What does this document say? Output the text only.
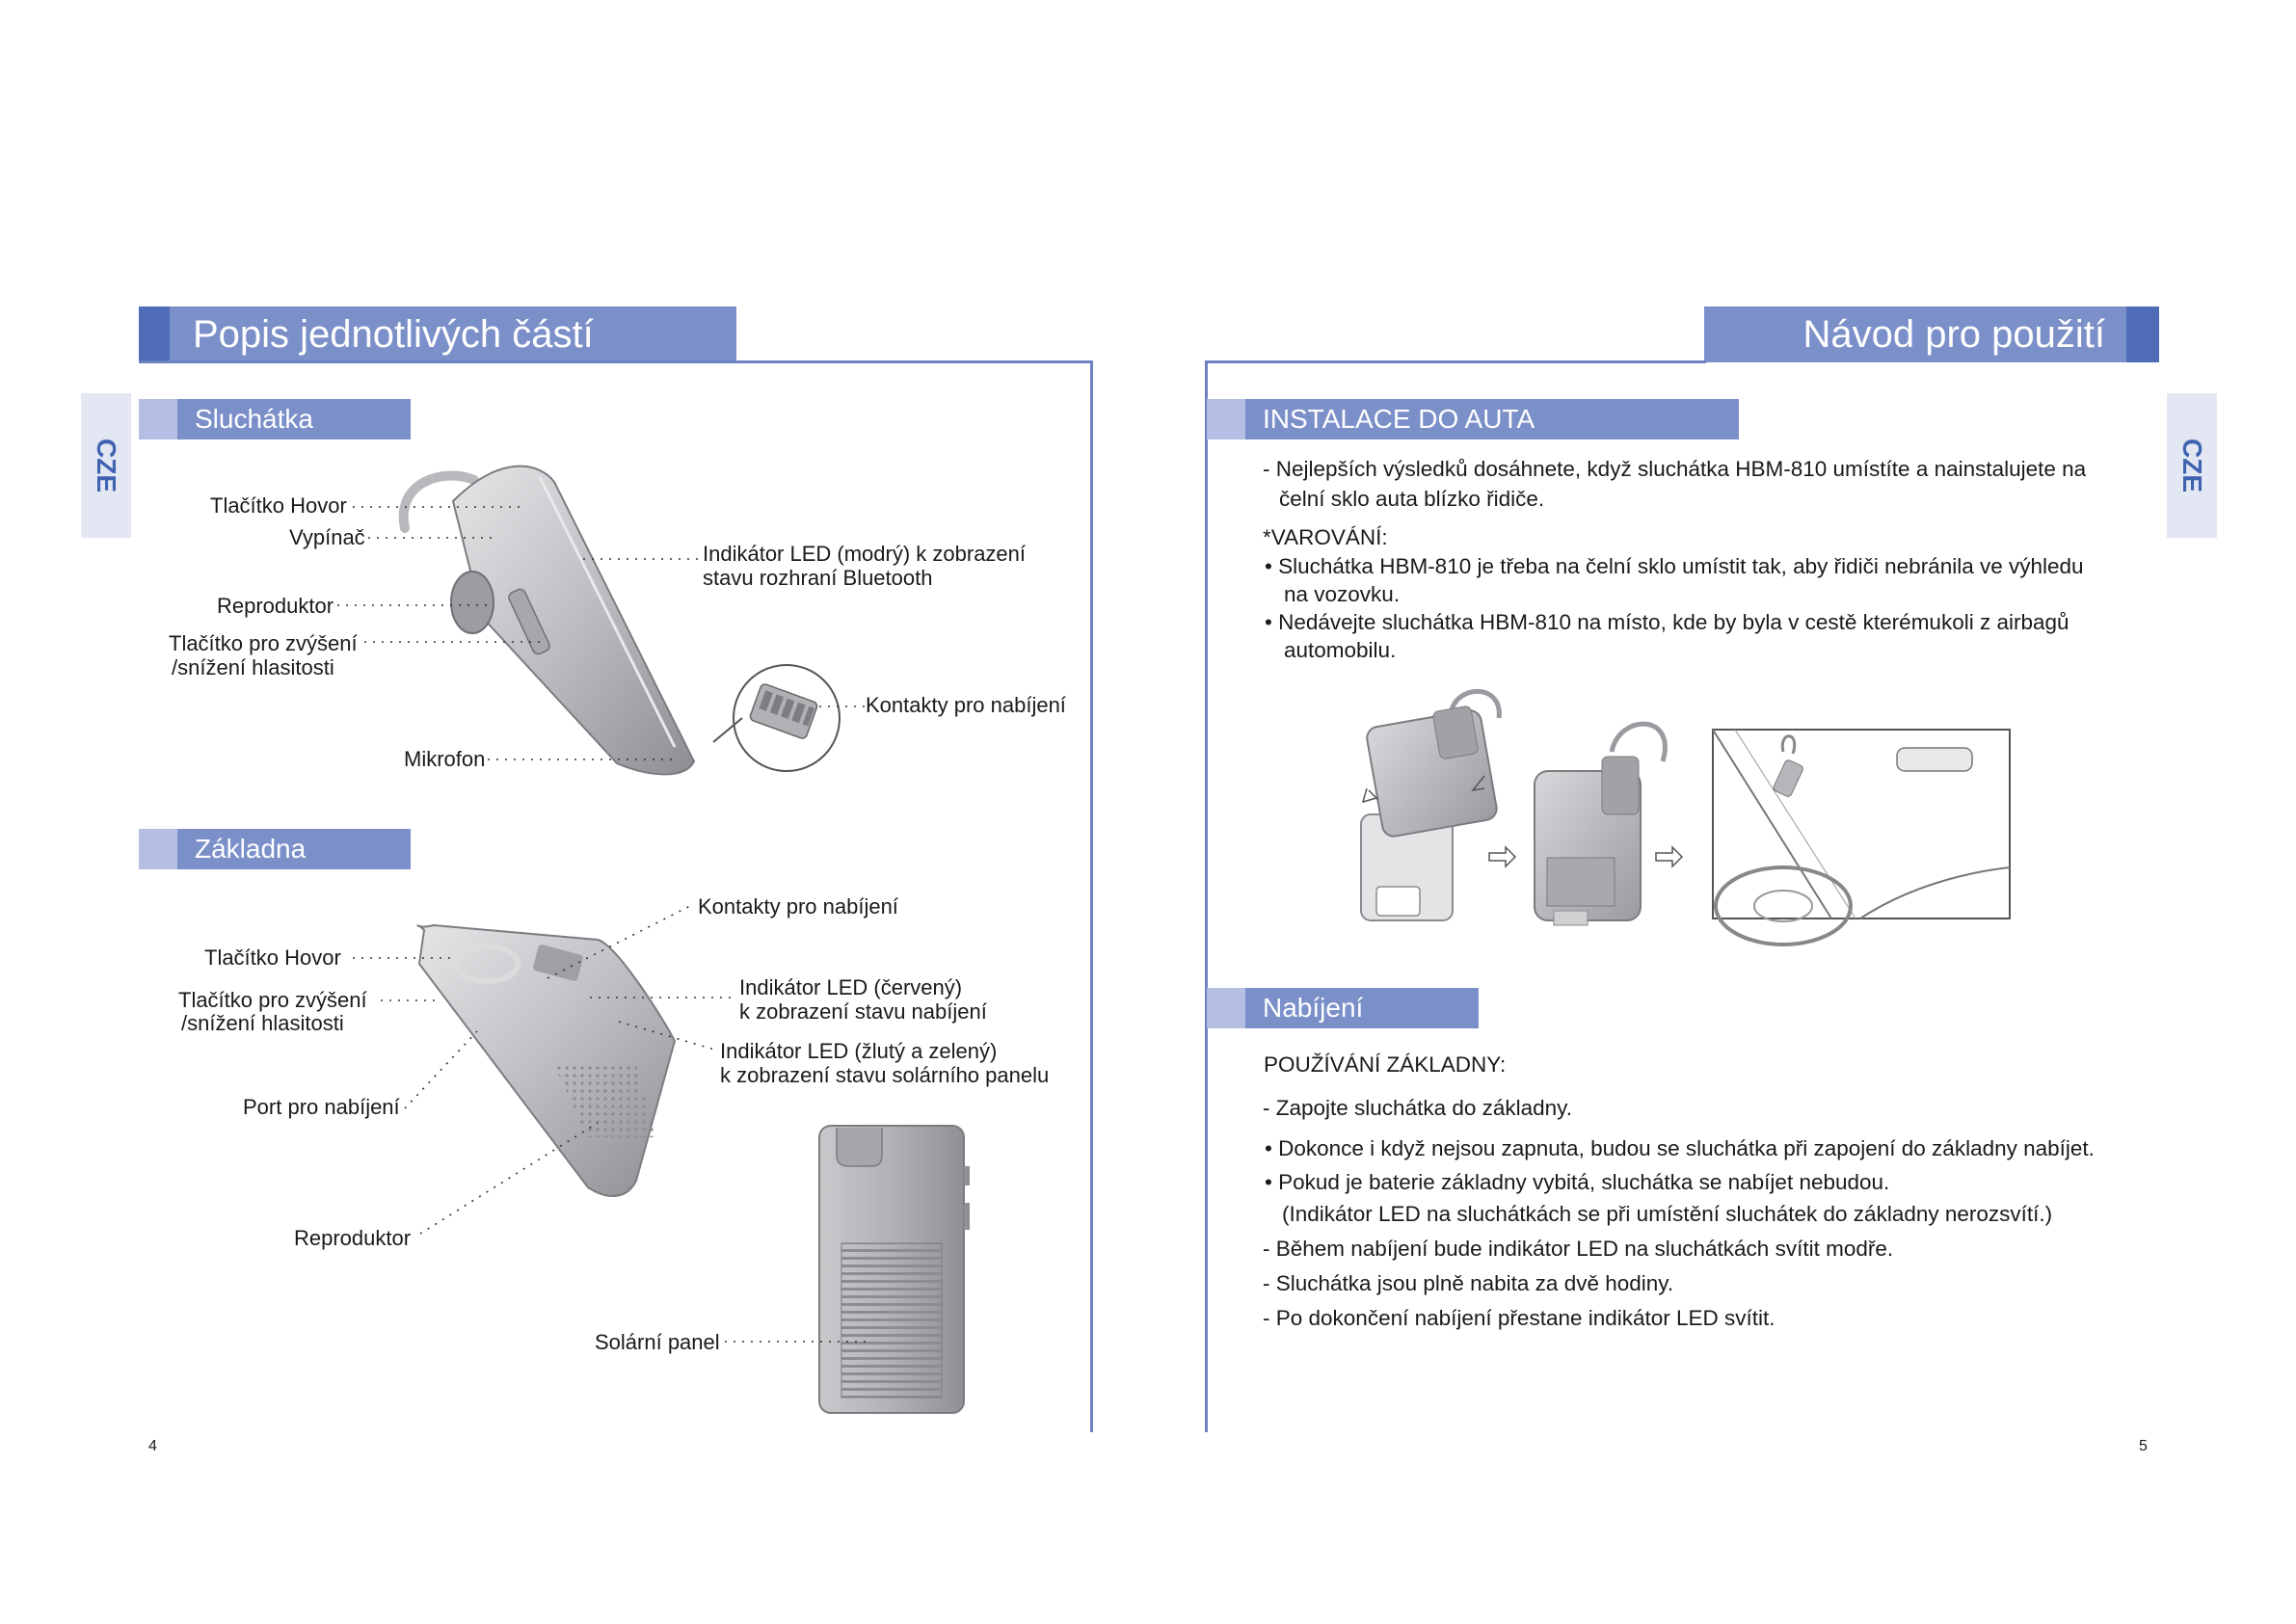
Popis jednotlivých částí
CZE
Sluchátka
Základna
Tlačítko Hovor
Vypínač
Reproduktor
Tlačítko pro zvýšení
/snížení hlasitosti
Mikrofon
Indikátor LED (modrý) k zobrazení
stavu rozhraní Bluetooth
Kontakty pro nabíjení
Kontakty pro nabíjení
Tlačítko Hovor
Tlačítko pro zvýšení
/snížení hlasitosti
Indikátor LED (červený)
k zobrazení stavu nabíjení
Indikátor LED (žlutý a zelený)
k zobrazení stavu solárního panelu
Port pro nabíjení
Reproduktor
Solární panel
4
Návod pro použití
CZE
INSTALACE DO AUTA
- Nejlepších výsledků dosáhnete, když sluchátka HBM-810 umístíte a nainstalujete na
čelní sklo auta blízko řidiče.
*VAROVÁNÍ:
• Sluchátka HBM-810 je třeba na čelní sklo umístit tak, aby řidiči nebránila ve výhledu
na vozovku.
• Nedávejte sluchátka HBM-810 na místo, kde by byla v cestě kterémukoli z airbagů
automobilu.
Nabíjení
POUŽÍVÁNÍ ZÁKLADNY:
- Zapojte sluchátka do základny.
• Dokonce i když nejsou zapnuta, budou se sluchátka při zapojení do základny nabíjet.
• Pokud je baterie základny vybitá, sluchátka se nabíjet nebudou.
(Indikátor LED na sluchátkách se při umístění sluchátek do základny nerozsvítí.)
- Během nabíjení bude indikátor LED na sluchátkách svítit modře.
- Sluchátka jsou plně nabita za dvě hodiny.
- Po dokončení nabíjení přestane indikátor LED svítit.
5
